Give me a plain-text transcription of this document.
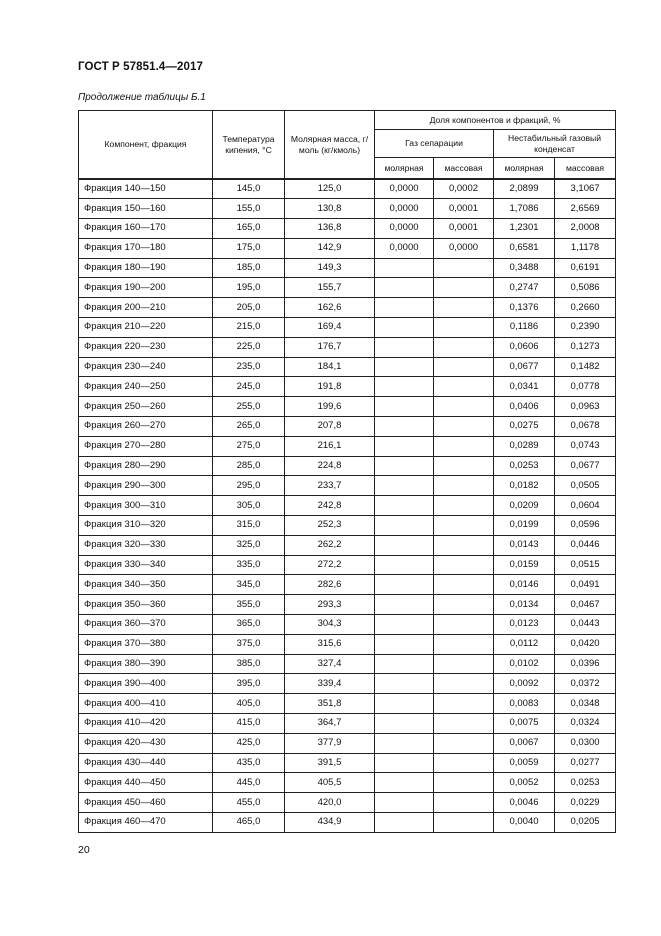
ГОСТ Р 57851.4—2017
Продолжение таблицы Б.1
Компонент, фракция	Температура кипения, °С	Молярная масса, г/моль (кг/кмоль)	Доля компонентов и фракций, %			
			Газ сепарации		Нестабильный газовый конденсат	
			молярная	массовая	молярная	массовая
Фракция 140—150	145,0	125,0	0,0000	0,0002	2,0899	3,1067
Фракция 150—160	155,0	130,8	0,0000	0,0001	1,7086	2,6569
Фракция 160—170	165,0	136,8	0,0000	0,0001	1,2301	2,0008
Фракция 170—180	175,0	142,9	0,0000	0,0000	0,6581	1,1178
Фракция 180—190	185,0	149,3			0,3488	0,6191
Фракция 190—200	195,0	155,7			0,2747	0,5086
Фракция 200—210	205,0	162,6			0,1376	0,2660
Фракция 210—220	215,0	169,4			0,1186	0,2390
Фракция 220—230	225,0	176,7			0,0606	0,1273
Фракция 230—240	235,0	184,1			0,0677	0,1482
Фракция 240—250	245,0	191,8			0,0341	0,0778
Фракция 250—260	255,0	199,6			0,0406	0,0963
Фракция 260—270	265,0	207,8			0,0275	0,0678
Фракция 270—280	275,0	216,1			0,0289	0,0743
Фракция 280—290	285,0	224,8			0,0253	0,0677
Фракция 290—300	295,0	233,7			0,0182	0,0505
Фракция 300—310	305,0	242,8			0,0209	0,0604
Фракция 310—320	315,0	252,3			0,0199	0,0596
Фракция 320—330	325,0	262,2			0,0143	0,0446
Фракция 330—340	335,0	272,2			0,0159	0,0515
Фракция 340—350	345,0	282,6			0,0146	0,0491
Фракция 350—360	355,0	293,3			0,0134	0,0467
Фракция 360—370	365,0	304,3			0,0123	0,0443
Фракция 370—380	375,0	315,6			0,0112	0,0420
Фракция 380—390	385,0	327,4			0,0102	0,0396
Фракция 390—400	395,0	339,4			0,0092	0,0372
Фракция 400—410	405,0	351,8			0,0083	0,0348
Фракция 410—420	415,0	364,7			0,0075	0,0324
Фракция 420—430	425,0	377,9			0,0067	0,0300
Фракция 430—440	435,0	391,5			0,0059	0,0277
Фракция 440—450	445,0	405,5			0,0052	0,0253
Фракция 450—460	455,0	420,0			0,0046	0,0229
Фракция 460—470	465,0	434,9			0,0040	0,0205
20
